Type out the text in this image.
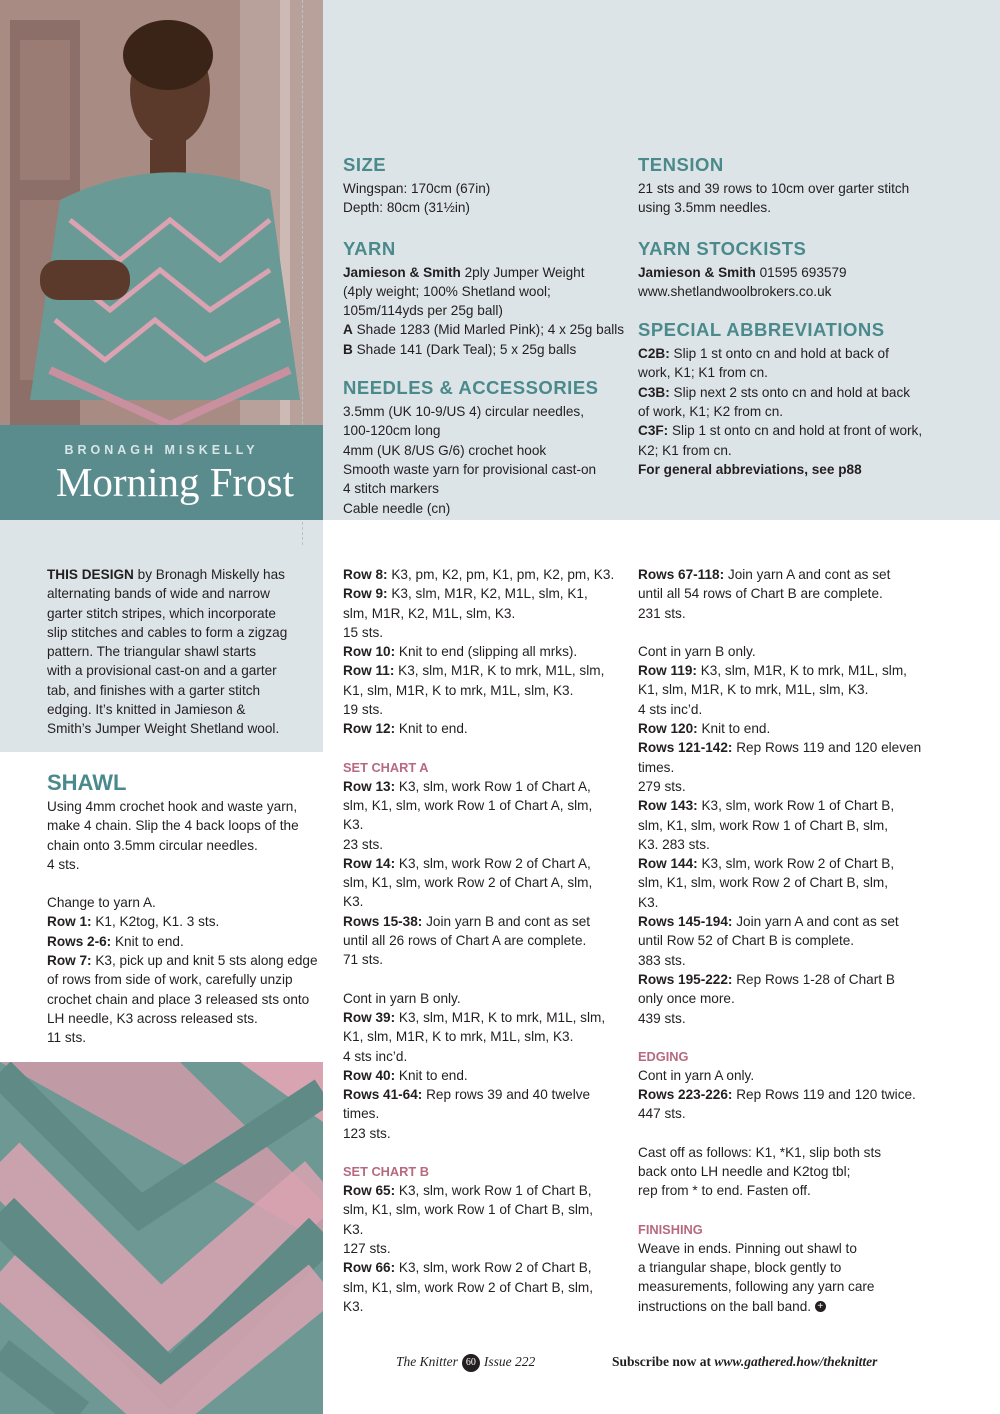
BRONAGH MISKELLY
Morning Frost
SIZE

Wingspan: 170cm (67in)

Depth: 80cm (31½in)

YARN

Jamieson & Smith 2ply Jumper Weight

(4ply weight; 100% Shetland wool;

105m/114yds per 25g ball)

A Shade 1283 (Mid Marled Pink); 4 x 25g balls

B Shade 141 (Dark Teal); 5 x 25g balls

NEEDLES & ACCESSORIES

3.5mm (UK 10-9/US 4) circular needles,

100-120cm long

4mm (UK 8/US G/6) crochet hook

Smooth waste yarn for provisional cast-on

4 stitch markers

Cable needle (cn)

TENSION

21 sts and 39 rows to 10cm over garter stitch

using 3.5mm needles.

YARN STOCKISTS

Jamieson & Smith 01595 693579

www.shetlandwoolbrokers.co.uk

SPECIAL ABBREVIATIONS

C2B: Slip 1 st onto cn and hold at back of

work, K1; K1 from cn.

C3B: Slip next 2 sts onto cn and hold at back

of work, K1; K2 from cn.

C3F: Slip 1 st onto cn and hold at front of work,

K2; K1 from cn.

For general abbreviations, see p88

THIS DESIGN by Bronagh Miskelly has

alternating bands of wide and narrow

garter stitch stripes, which incorporate

slip stitches and cables to form a zigzag

pattern. The triangular shawl starts

with a provisional cast-on and a garter

tab, and finishes with a garter stitch

edging. It’s knitted in Jamieson &

Smith’s Jumper Weight Shetland wool.

SHAWL

Using 4mm crochet hook and waste yarn,

make 4 chain. Slip the 4 back loops of the

chain onto 3.5mm circular needles.

4 sts.

Change to yarn A.

Row 1: K1, K2tog, K1. 3 sts.

Rows 2-6: Knit to end.

Row 7: K3, pick up and knit 5 sts along edge

of rows from side of work, carefully unzip

crochet chain and place 3 released sts onto

LH needle, K3 across released sts.

11 sts.

Row 8: K3, pm, K2, pm, K1, pm, K2, pm, K3.

Row 9: K3, slm, M1R, K2, M1L, slm, K1,

slm, M1R, K2, M1L, slm, K3.

15 sts.

Row 10: Knit to end (slipping all mrks).

Row 11: K3, slm, M1R, K to mrk, M1L, slm,

K1, slm, M1R, K to mrk, M1L, slm, K3.

19 sts.

Row 12: Knit to end.

SET CHART A

Row 13: K3, slm, work Row 1 of Chart A,

slm, K1, slm, work Row 1 of Chart A, slm,

K3.

23 sts.

Row 14: K3, slm, work Row 2 of Chart A,

slm, K1, slm, work Row 2 of Chart A, slm,

K3.

Rows 15-38: Join yarn B and cont as set

until all 26 rows of Chart A are complete.

71 sts.

Cont in yarn B only.

Row 39: K3, slm, M1R, K to mrk, M1L, slm,

K1, slm, M1R, K to mrk, M1L, slm, K3.

4 sts inc’d.

Row 40: Knit to end.

Rows 41-64: Rep rows 39 and 40 twelve

times.

123 sts.

SET CHART B

Row 65: K3, slm, work Row 1 of Chart B,

slm, K1, slm, work Row 1 of Chart B, slm,

K3.

127 sts.

Row 66: K3, slm, work Row 2 of Chart B,

slm, K1, slm, work Row 2 of Chart B, slm,

K3.

Rows 67-118: Join yarn A and cont as set

until all 54 rows of Chart B are complete.

231 sts.

Cont in yarn B only.

Row 119: K3, slm, M1R, K to mrk, M1L, slm,

K1, slm, M1R, K to mrk, M1L, slm, K3.

4 sts inc’d.

Row 120: Knit to end.

Rows 121-142: Rep Rows 119 and 120 eleven

times.

279 sts.

Row 143: K3, slm, work Row 1 of Chart B,

slm, K1, slm, work Row 1 of Chart B, slm,

K3. 283 sts.

Row 144: K3, slm, work Row 2 of Chart B,

slm, K1, slm, work Row 2 of Chart B, slm,

K3.

Rows 145-194: Join yarn A and cont as set

until Row 52 of Chart B is complete.

383 sts.

Rows 195-222: Rep Rows 1-28 of Chart B

only once more.

439 sts.

EDGING

Cont in yarn A only.

Rows 223-226: Rep Rows 119 and 120 twice.

447 sts.

Cast off as follows: K1, *K1, slip both sts

back onto LH needle and K2tog tbl;

rep from * to end. Fasten off.

FINISHING

Weave in ends. Pinning out shawl to

a triangular shape, block gently to

measurements, following any yarn care

instructions on the ball band. +

The Knitter 60 Issue 222	Subscribe now at www.gathered.how/theknitter
